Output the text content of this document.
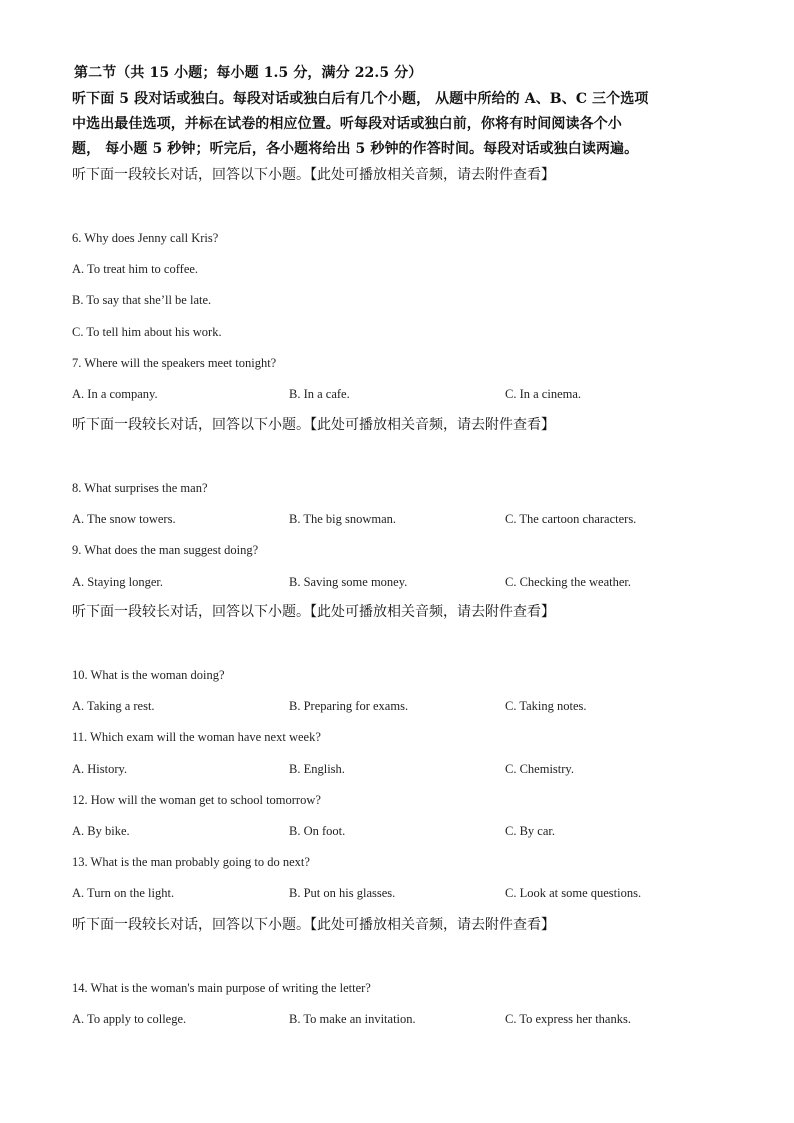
第二节（共 15 小题；每小题 1.5 分，满分 22.5 分）
听下面 5 段对话或独白。每段对话或独白后有几个小题， 从题中所给的 A、B、C 三个选项
中选出最佳选项，并标在试卷的相应位置。听每段对话或独白前，你将有时间阅读各个小
题， 每小题 5 秒钟；听完后，各小题将给出 5 秒钟的作答时间。每段对话或独白读两遍。
听下面一段较长对话，回答以下小题。【此处可播放相关音频，请去附件查看】
6. Why does Jenny call Kris?
A. To treat him to coffee.
B. To say that she’ll be late.
C. To tell him about his work.
7. Where will the speakers meet tonight?
A. In a company.	B. In a cafe.	C. In a cinema.
听下面一段较长对话，回答以下小题。【此处可播放相关音频，请去附件查看】
8. What surprises the man?
A. The snow towers.	B. The big snowman.	C. The cartoon characters.
9. What does the man suggest doing?
A. Staying longer.	B. Saving some money.	C. Checking the weather.
听下面一段较长对话，回答以下小题。【此处可播放相关音频，请去附件查看】
10. What is the woman doing?
A. Taking a rest.	B. Preparing for exams.	C. Taking notes.
11. Which exam will the woman have next week?
A. History.	B. English.	C. Chemistry.
12. How will the woman get to school tomorrow?
A. By bike.	B. On foot.	C. By car.
13. What is the man probably going to do next?
A. Turn on the light.	B. Put on his glasses.	C. Look at some questions.
听下面一段较长对话，回答以下小题。【此处可播放相关音频，请去附件查看】
14. What is the woman's main purpose of writing the letter?
A. To apply to college.	B. To make an invitation.	C. To express her thanks.
